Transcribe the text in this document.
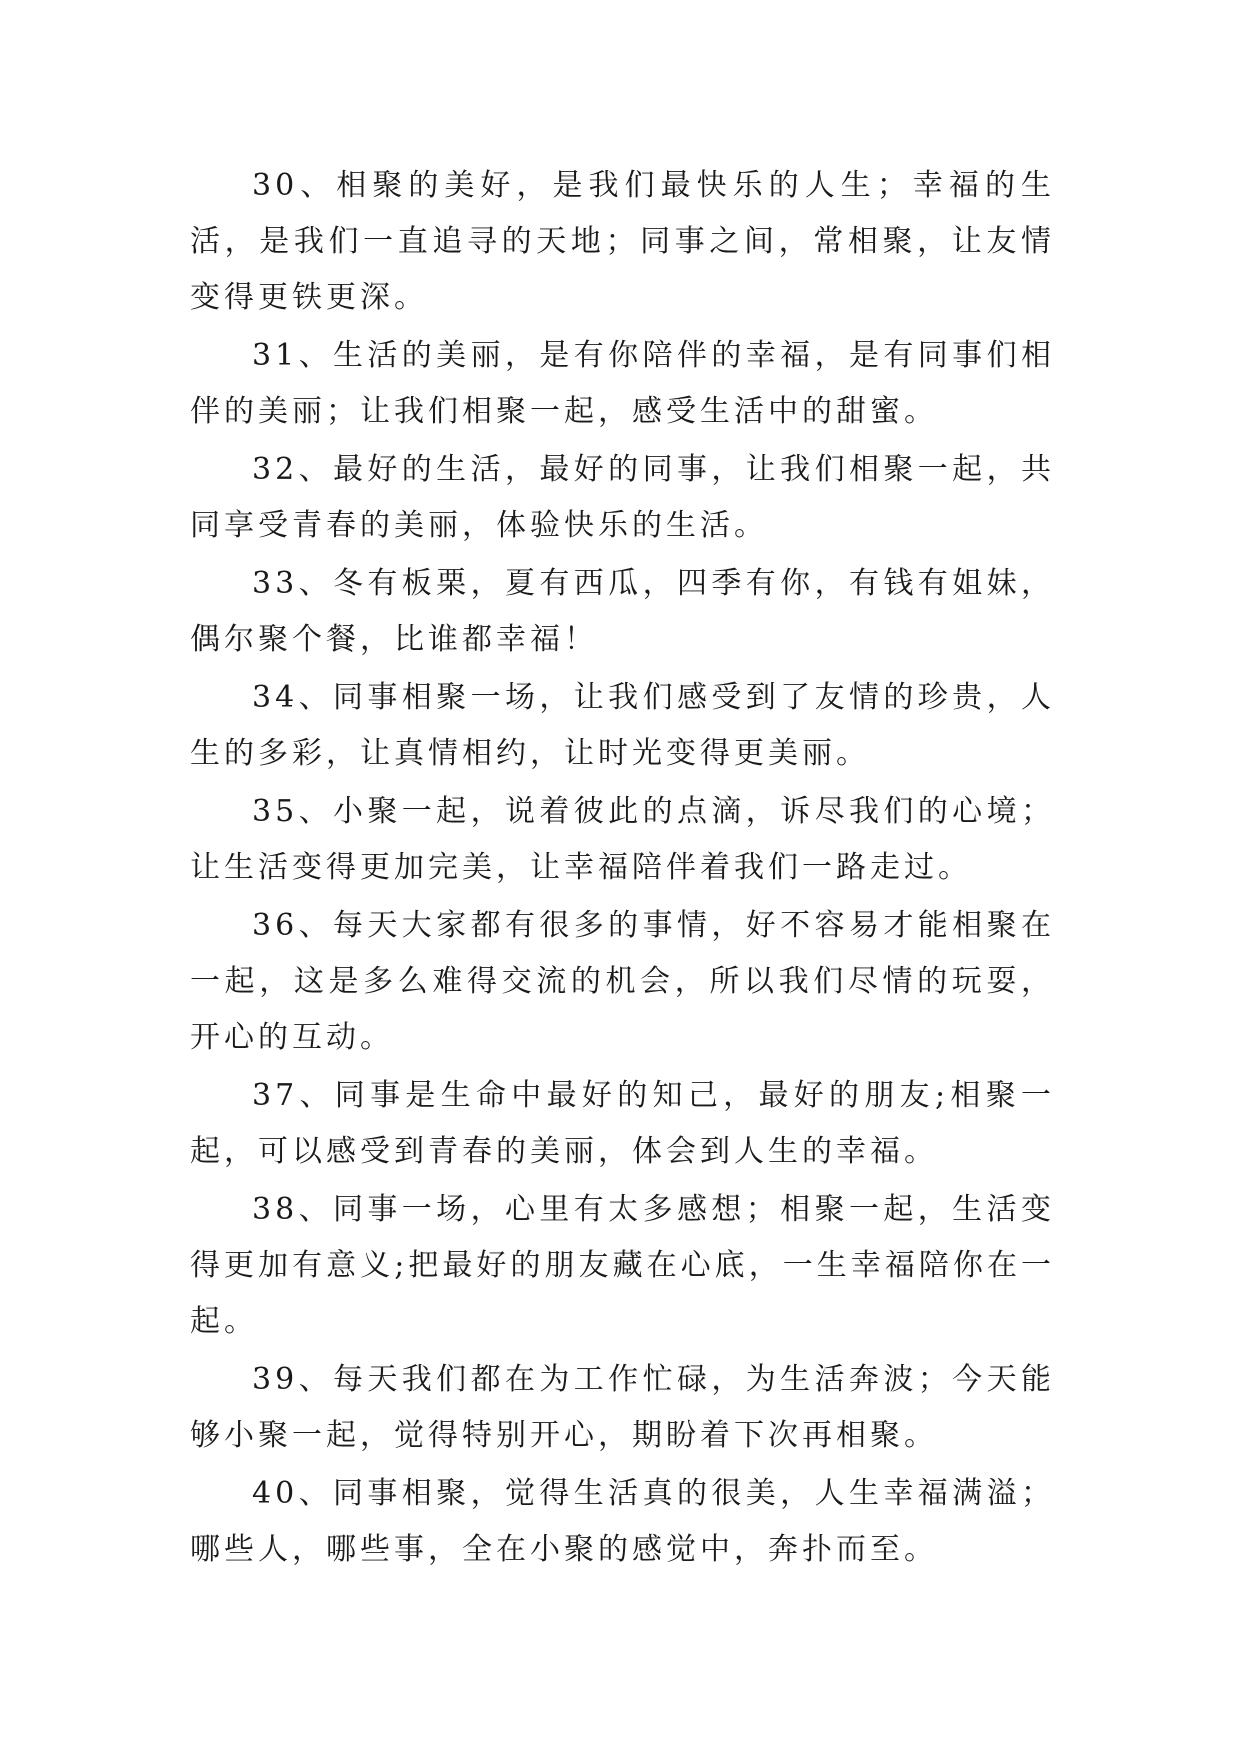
30、相聚的美好，是我们最快乐的人生；幸福的生活，是我们一直追寻的天地；同事之间，常相聚，让友情变得更铁更深。

31、生活的美丽，是有你陪伴的幸福，是有同事们相伴的美丽；让我们相聚一起，感受生活中的甜蜜。

32、最好的生活，最好的同事，让我们相聚一起，共同享受青春的美丽，体验快乐的生活。

33、冬有板栗，夏有西瓜，四季有你，有钱有姐妹，偶尔聚个餐，比谁都幸福！

34、同事相聚一场，让我们感受到了友情的珍贵，人生的多彩，让真情相约，让时光变得更美丽。

35、小聚一起，说着彼此的点滴，诉尽我们的心境；让生活变得更加完美，让幸福陪伴着我们一路走过。

36、每天大家都有很多的事情，好不容易才能相聚在一起，这是多么难得交流的机会，所以我们尽情的玩耍，开心的互动。

37、同事是生命中最好的知己，最好的朋友;相聚一起，可以感受到青春的美丽，体会到人生的幸福。

38、同事一场，心里有太多感想；相聚一起，生活变得更加有意义;把最好的朋友藏在心底，一生幸福陪你在一起。

39、每天我们都在为工作忙碌，为生活奔波；今天能够小聚一起，觉得特别开心，期盼着下次再相聚。

40、同事相聚，觉得生活真的很美，人生幸福满溢；哪些人，哪些事，全在小聚的感觉中，奔扑而至。
